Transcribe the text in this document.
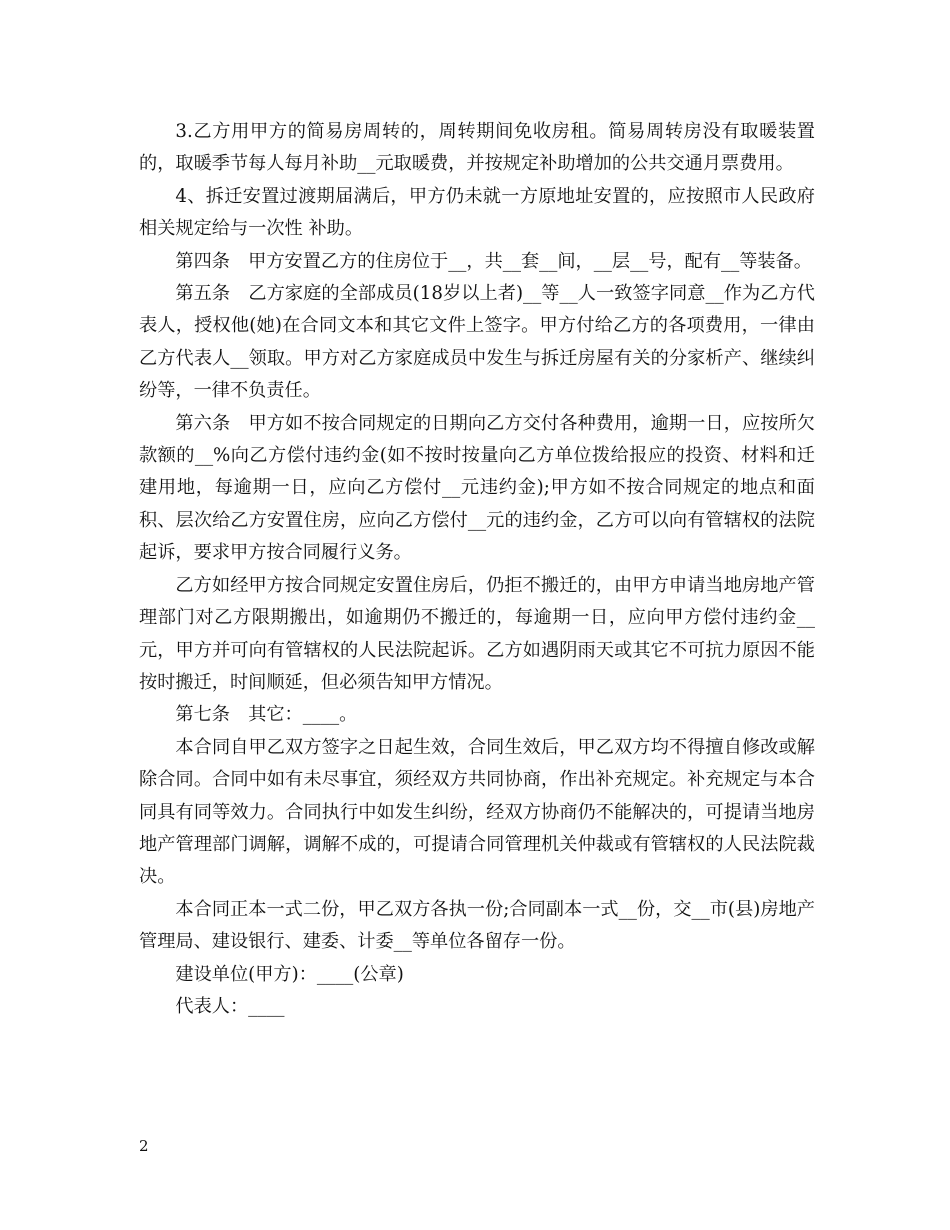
3.乙方用甲方的简易房周转的，周转期间免收房租。简易周转房没有取暖装置的，取暖季节每人每月补助__元取暖费，并按规定补助增加的公共交通月票费用。

4、拆迁安置过渡期届满后，甲方仍未就一方原地址安置的，应按照市人民政府相关规定给与一次性 补助。

第四条　甲方安置乙方的住房位于__，共__套__间，__层__号，配有__等装备。

第五条　乙方家庭的全部成员(18岁以上者)__等__人一致签字同意__作为乙方代表人，授权他(她)在合同文本和其它文件上签字。甲方付给乙方的各项费用，一律由乙方代表人__领取。甲方对乙方家庭成员中发生与拆迁房屋有关的分家析产、继续纠纷等，一律不负责任。

第六条　甲方如不按合同规定的日期向乙方交付各种费用，逾期一日，应按所欠款额的__%向乙方偿付违约金(如不按时按量向乙方单位拨给报应的投资、材料和迁建用地，每逾期一日，应向乙方偿付__元违约金);甲方如不按合同规定的地点和面积、层次给乙方安置住房，应向乙方偿付__元的违约金，乙方可以向有管辖权的法院起诉，要求甲方按合同履行义务。

乙方如经甲方按合同规定安置住房后，仍拒不搬迁的，由甲方申请当地房地产管理部门对乙方限期搬出，如逾期仍不搬迁的，每逾期一日，应向甲方偿付违约金__元，甲方并可向有管辖权的人民法院起诉。乙方如遇阴雨天或其它不可抗力原因不能按时搬迁，时间顺延，但必须告知甲方情况。

第七条　其它：____。

本合同自甲乙双方签字之日起生效，合同生效后，甲乙双方均不得擅自修改或解除合同。合同中如有未尽事宜，须经双方共同协商，作出补充规定。补充规定与本合同具有同等效力。合同执行中如发生纠纷，经双方协商仍不能解决的，可提请当地房地产管理部门调解，调解不成的，可提请合同管理机关仲裁或有管辖权的人民法院裁决。

本合同正本一式二份，甲乙双方各执一份;合同副本一式__份，交__市(县)房地产管理局、建设银行、建委、计委__等单位各留存一份。

建设单位(甲方)：____(公章)

代表人：____

2
